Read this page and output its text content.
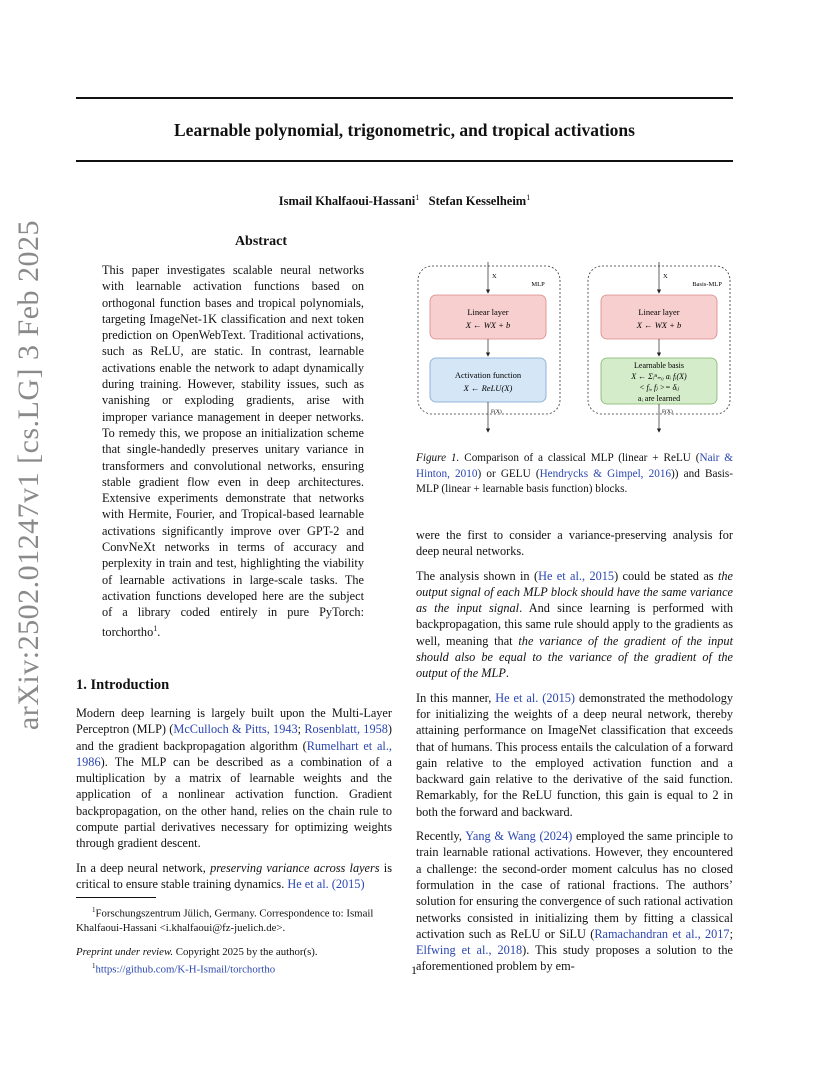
Learnable polynomial, trigonometric, and tropical activations
Ismail Khalfaoui-Hassani$^1$ Stefan Kesselheim$^1$
arXiv:2502.01247v1 [cs.LG] 3 Feb 2025	Abstract

This paper investigates scalable neural networks with learnable activation functions based on orthogonal function bases and tropical polynomials, targeting ImageNet-1K classification and next token prediction on OpenWebText. Traditional activations, such as ReLU, are static. In contrast, learnable activations enable the network to adapt dynamically during training. However, stability issues, such as vanishing or exploding gradients, arise with improper variance management in deeper networks. To remedy this, we propose an initialization scheme that single-handedly preserves unitary variance in transformers and convolutional networks, ensuring stable gradient flow even in deep architectures. Extensive experiments demonstrate that networks with Hermite, Fourier, and Tropical-based learnable activations significantly improve over GPT-2 and ConvNeXt networks in terms of accuracy and perplexity in train and test, highlighting the viability of learnable activations in large-scale tasks. The activation functions developed here are the subject of a library coded entirely in pure PyTorch: torchortho$^1$.

1. Introduction

Modern deep learning is largely built upon the Multi-Layer Perceptron (MLP) (McCulloch & Pitts, 1943; Rosenblatt, 1958) and the gradient backpropagation algorithm (Rumelhart et al., 1986). The MLP can be described as a combination of a multiplication by a matrix of learnable weights and the application of a nonlinear activation function. Gradient backpropagation, on the other hand, relies on the chain rule to compute partial derivatives necessary for optimizing weights through gradient descent.

In a deep neural network, preserving variance across layers is critical to ensure stable training dynamics. He et al. (2015)

$^1$Forschungszentrum Jülich, Germany. Correspondence to: Ismail Khalfaoui-Hassani <i.khalfaoui@fz-juelich.de>.

Preprint under review. Copyright 2025 by the author(s).

$^1$https://github.com/K-H-Ismail/torchortho

MLP
X
Linear layer
X ← WX + b
Activation function
X ← ReLU(X)
F(X)
Basis-MLP
X
Linear layer
X ← WX + b
Learnable basis
X ← Σᵢⁿ₌₀ aᵢ fᵢ(X)
< fᵢ, fⱼ >= δᵢⱼ
aᵢ are learned
F(X)
Figure 1. Comparison of a classical MLP (linear + ReLU (Nair & Hinton, 2010) or GELU (Hendrycks & Gimpel, 2016)) and Basis-MLP (linear + learnable basis function) blocks.

were the first to consider a variance-preserving analysis for deep neural networks.

The analysis shown in (He et al., 2015) could be stated as the output signal of each MLP block should have the same variance as the input signal. And since learning is performed with backpropagation, this same rule should apply to the gradients as well, meaning that the variance of the gradient of the input should also be equal to the variance of the gradient of the output of the MLP.

In this manner, He et al. (2015) demonstrated the methodology for initializing the weights of a deep neural network, thereby attaining performance on ImageNet classification that exceeds that of humans. This process entails the calculation of a forward gain relative to the employed activation function and a backward gain relative to the derivative of the said function. Remarkably, for the ReLU function, this gain is equal to 2 in both the forward and backward.

Recently, Yang & Wang (2024) employed the same principle to train learnable rational activations. However, they encountered a challenge: the second-order moment calculus has no closed formulation in the case of rational fractions. The authors’ solution for ensuring the convergence of such rational activation networks consisted in initializing them by fitting a classical activation such as ReLU or SiLU (Ramachandran et al., 2017; Elfwing et al., 2018). This study proposes a solution to the aforementioned problem by em-

1
